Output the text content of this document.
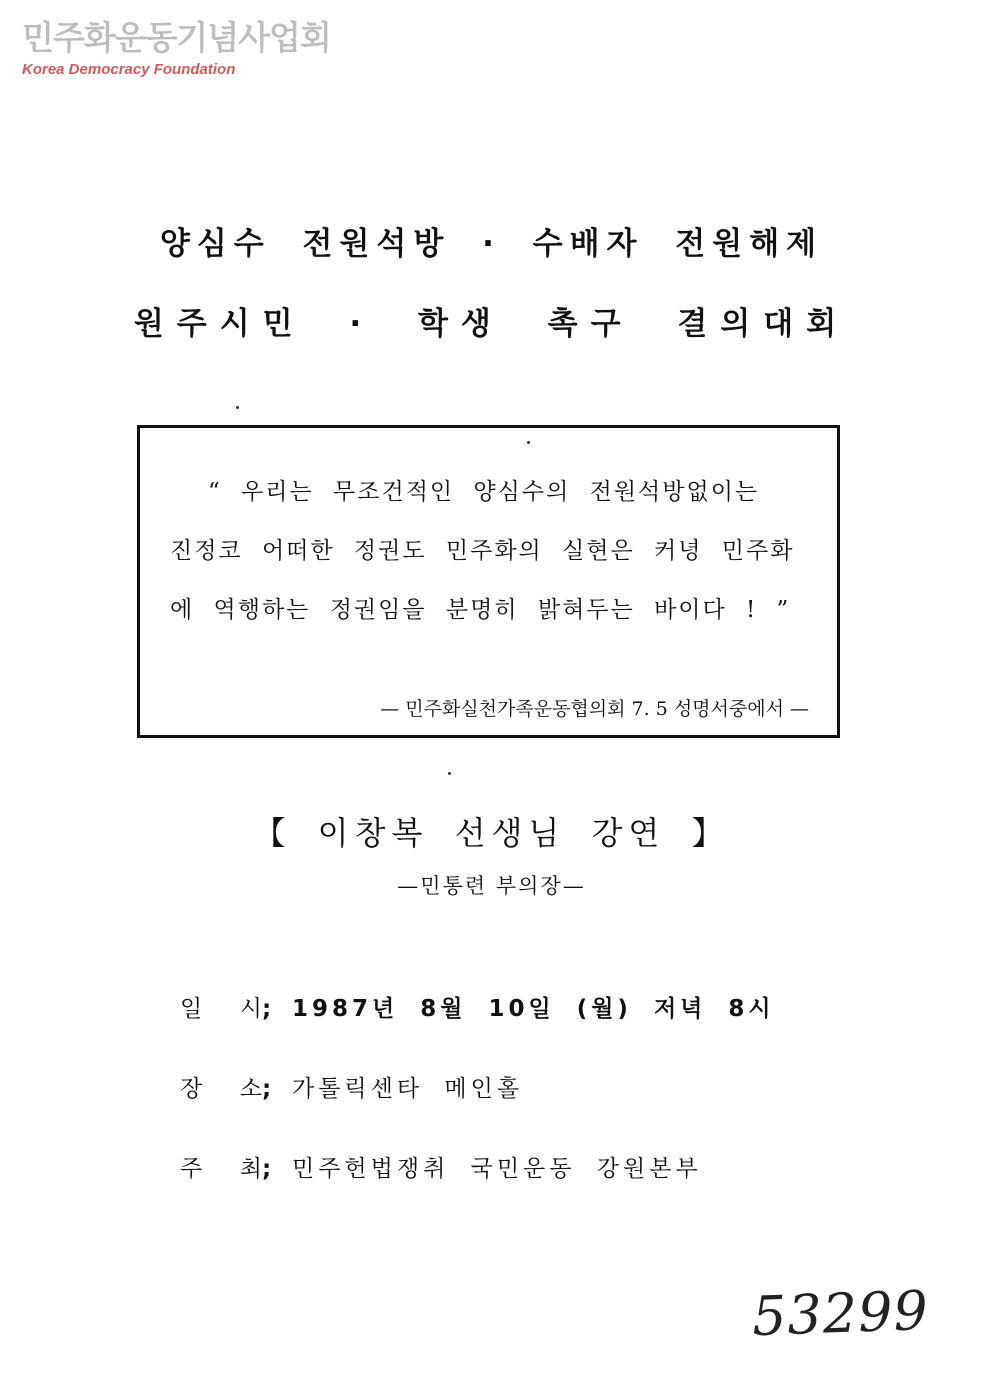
민주화운동기념사업회
Korea Democracy Foundation
양심수 전원석방 · 수배자 전원해제
원주시민 · 학생 촉구 결의대회
“ 우리는 무조건적인 양심수의 전원석방없이는
진정코 어떠한 정권도 민주화의 실현은 커녕 민주화
에 역행하는 정권임을 분명히 밝혀두는 바이다 ! ”
— 민주화실천가족운동협의회 7. 5 성명서중에서 —
【 이창복 선생님 강연 】
—민통련 부의장—
일 시 ; 1987년 8월 10일 (월) 저녁 8시
장 소 ; 가톨릭센타 메인홀
주 최 ; 민주헌법쟁취 국민운동 강원본부
53299
